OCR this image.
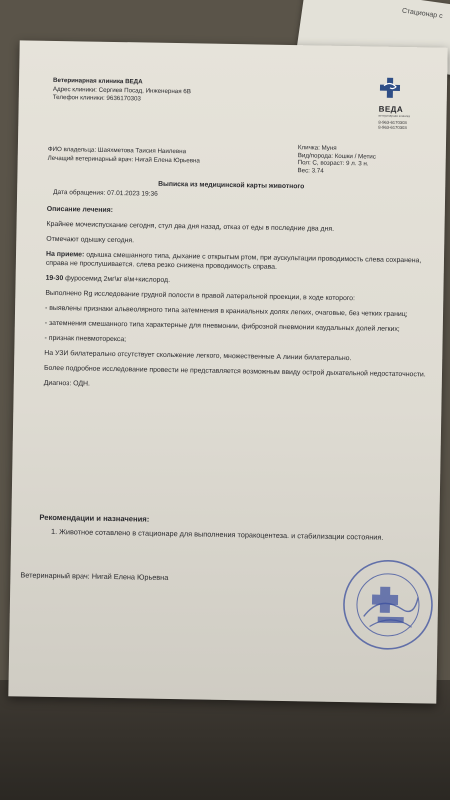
Стационар с
Ветеринарная клиника ВЕДА
Адрес клиники: Сергиев Посад, Инженерная 6В
Телефон клиники: 9636170303
ВЕДА
ветеринарная клиника
8-963-6170303
8-963-6170303
ФИО владельца: Шаяхметова Таисия Наилевна
Лечащий ветеринарный врач: Нигай Елена Юрьевна
Кличка: Муня
Вид/порода: Кошки / Метис
Пол: С, возраст: 9 л. 3 н.
Вес: 3.74
Выписка из медицинской карты животного
Дата обращения: 07.01.2023 19:36

Описание лечения:

Крайнее мочеиспускание сегодня, стул два дня назад, отказ от еды в последние два дня.

Отмечают одышку сегодня.

На приеме: одышка смешанного типа, дыхание с открытым ртом, при аускультации проводимость слева сохранена, справа не прослушивается. слева резко снижена проводимость справа.

19-30 фуросемид 2мг\кг в\м+кислород.

Выполнено Rg исследование грудной полости в правой латеральной проекции, в ходе которого:

- выявлены признаки альвеолярного типа затемнения в краниальных долях легких, очаговые, без четких границ;

- затемнения смешанного типа характерные для пневмонии, фиброзной пневмонии каудальных долей легких;

- признак пневмоторекса;

На УЗИ билатерально отсутствует скольжение легкого, множественные А линии билатерально.

Более подробное исследование провести не представляется возможным ввиду острой дыхательной недостаточности.

Диагноз: ОДН.

Рекомендации и назначения:
1. Животное сотавлено в стационаре для выполнения торакоцентеза. и стабилизации состояния.
Ветеринарный врач: Нигай Елена Юрьевна
